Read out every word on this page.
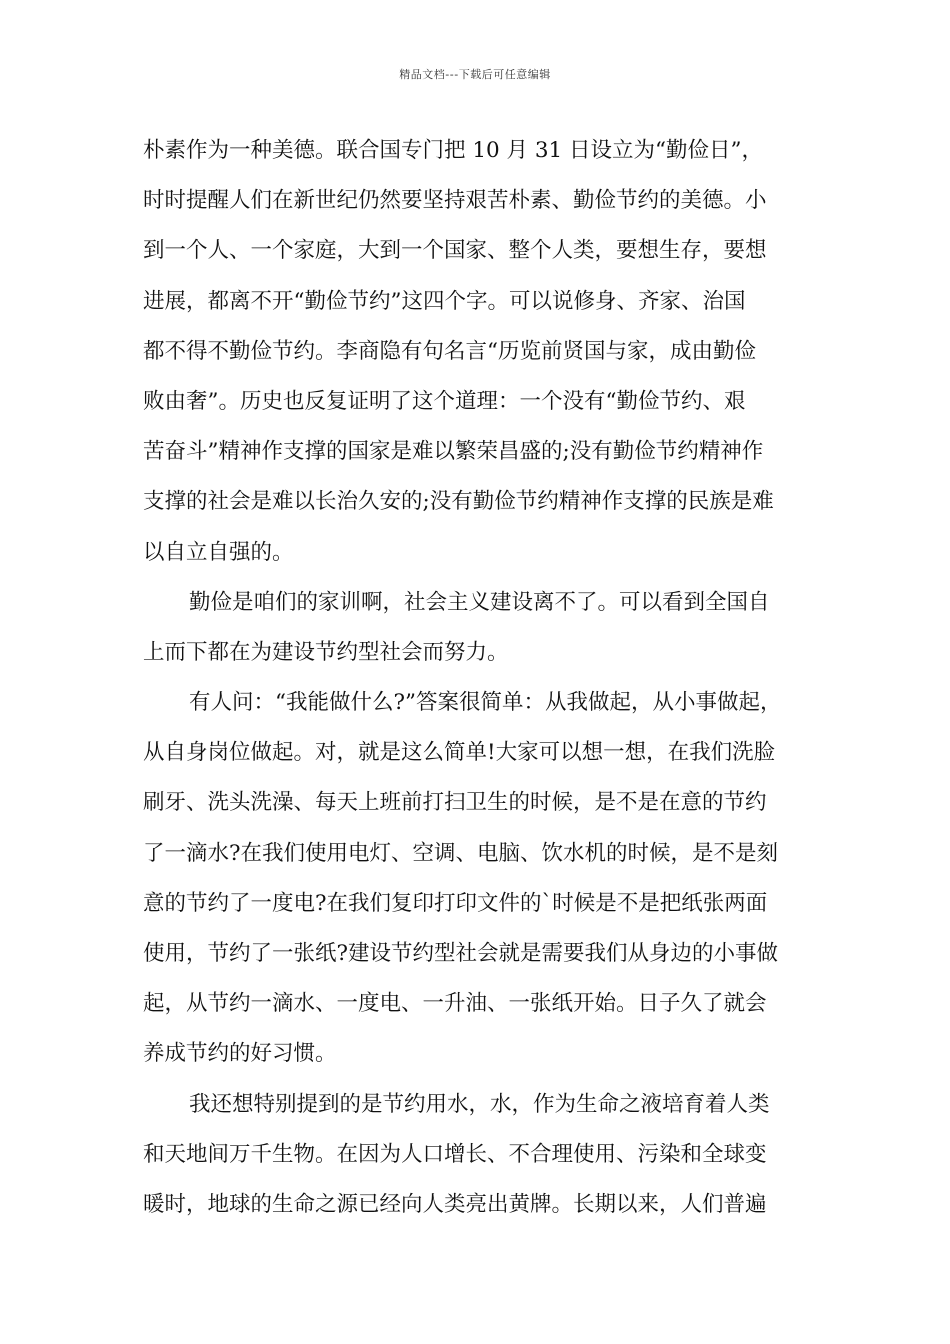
精品文档---下载后可任意编辑
朴素作为一种美德。联合国专门把 10 月 31 日设立为“勤俭日”，
时时提醒人们在新世纪仍然要坚持艰苦朴素、勤俭节约的美德。小
到一个人、一个家庭，大到一个国家、整个人类，要想生存，要想
进展，都离不开“勤俭节约”这四个字。可以说修身、齐家、治国
都不得不勤俭节约。李商隐有句名言“历览前贤国与家，成由勤俭
败由奢”。历史也反复证明了这个道理：一个没有“勤俭节约、艰
苦奋斗”精神作支撑的国家是难以繁荣昌盛的;没有勤俭节约精神作
支撑的社会是难以长治久安的;没有勤俭节约精神作支撑的民族是难
以自立自强的。
勤俭是咱们的家训啊，社会主义建设离不了。可以看到全国自
上而下都在为建设节约型社会而努力。
有人问：“我能做什么?”答案很简单：从我做起，从小事做起，
从自身岗位做起。对，就是这么简单!大家可以想一想，在我们洗脸
刷牙、洗头洗澡、每天上班前打扫卫生的时候，是不是在意的节约
了一滴水?在我们使用电灯、空调、电脑、饮水机的时候，是不是刻
意的节约了一度电?在我们复印打印文件的`时候是不是把纸张两面
使用，节约了一张纸?建设节约型社会就是需要我们从身边的小事做
起，从节约一滴水、一度电、一升油、一张纸开始。日子久了就会
养成节约的好习惯。
我还想特别提到的是节约用水，水，作为生命之液培育着人类
和天地间万千生物。在因为人口增长、不合理使用、污染和全球变
暖时，地球的生命之源已经向人类亮出黄牌。长期以来，人们普遍
